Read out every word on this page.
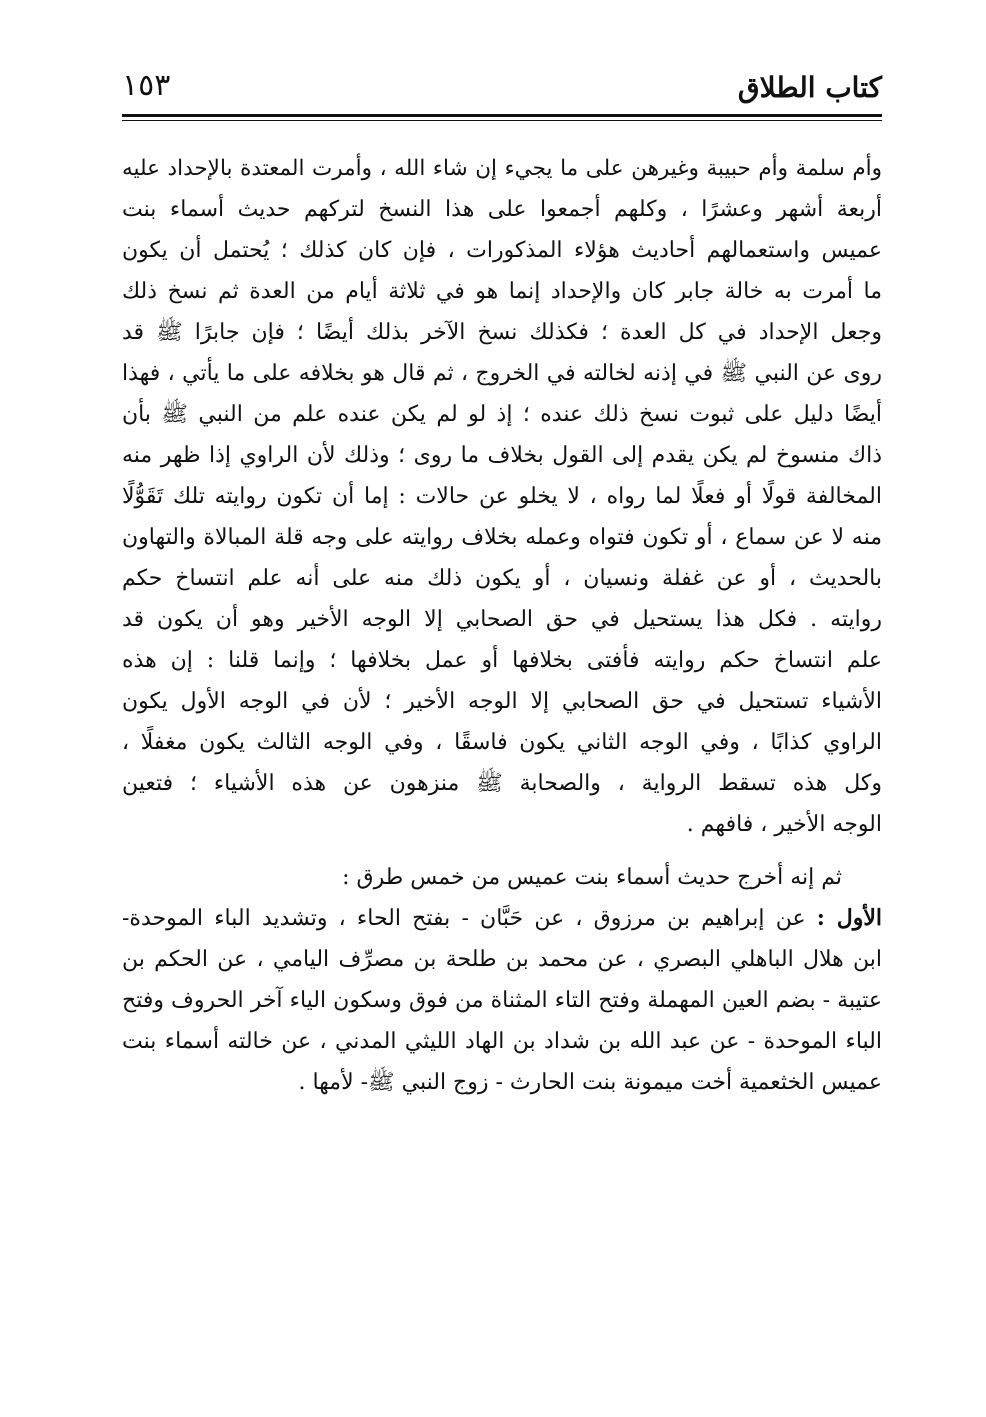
كتاب الطلاق
١٥٣
وأم سلمة وأم حبيبة وغيرهن على ما يجيء إن شاء الله ، وأمرت المعتدة بالإحداد عليه
أربعة أشهر وعشرًا ، وكلهم أجمعوا على هذا النسخ لتركهم حديث أسماء بنت
عميس واستعمالهم أحاديث هؤلاء المذكورات ، فإن كان كذلك ؛ يُحتمل أن يكون
ما أمرت به خالة جابر كان والإحداد إنما هو في ثلاثة أيام من العدة ثم نسخ ذلك
وجعل الإحداد في كل العدة ؛ فكذلك نسخ الآخر بذلك أيضًا ؛ فإن جابرًا ﷺ قد
روى عن النبي ﷺ في إذنه لخالته في الخروج ، ثم قال هو بخلافه على ما يأتي ، فهذا
أيضًا دليل على ثبوت نسخ ذلك عنده ؛ إذ لو لم يكن عنده علم من النبي ﷺ بأن
ذاك منسوخ لم يكن يقدم إلى القول بخلاف ما روى ؛ وذلك لأن الراوي إذا ظهر منه
المخالفة قولًا أو فعلًا لما رواه ، لا يخلو عن حالات : إما أن تكون روايته تلك تَقَوُّلًا
منه لا عن سماع ، أو تكون فتواه وعمله بخلاف روايته على وجه قلة المبالاة والتهاون
بالحديث ، أو عن غفلة ونسيان ، أو يكون ذلك منه على أنه علم انتساخ حكم
روايته . فكل هذا يستحيل في حق الصحابي إلا الوجه الأخير وهو أن يكون قد
علم انتساخ حكم روايته فأفتى بخلافها أو عمل بخلافها ؛ وإنما قلنا : إن هذه
الأشياء تستحيل في حق الصحابي إلا الوجه الأخير ؛ لأن في الوجه الأول يكون
الراوي كذابًا ، وفي الوجه الثاني يكون فاسقًا ، وفي الوجه الثالث يكون مغفلًا ،
وكل هذه تسقط الرواية ، والصحابة ﷺ منزهون عن هذه الأشياء ؛ فتعين
الوجه الأخير ، فافهم .
ثم إنه أخرج حديث أسماء بنت عميس من خمس طرق :
الأول : عن إبراهيم بن مرزوق ، عن حَبَّان - بفتح الحاء ، وتشديد الباء الموحدة-
ابن هلال الباهلي البصري ، عن محمد بن طلحة بن مصرِّف اليامي ، عن الحكم بن
عتيبة - بضم العين المهملة وفتح التاء المثناة من فوق وسكون الياء آخر الحروف وفتح
الباء الموحدة - عن عبد الله بن شداد بن الهاد الليثي المدني ، عن خالته أسماء بنت
عميس الخثعمية أخت ميمونة بنت الحارث - زوج النبي ﷺ- لأمها .
